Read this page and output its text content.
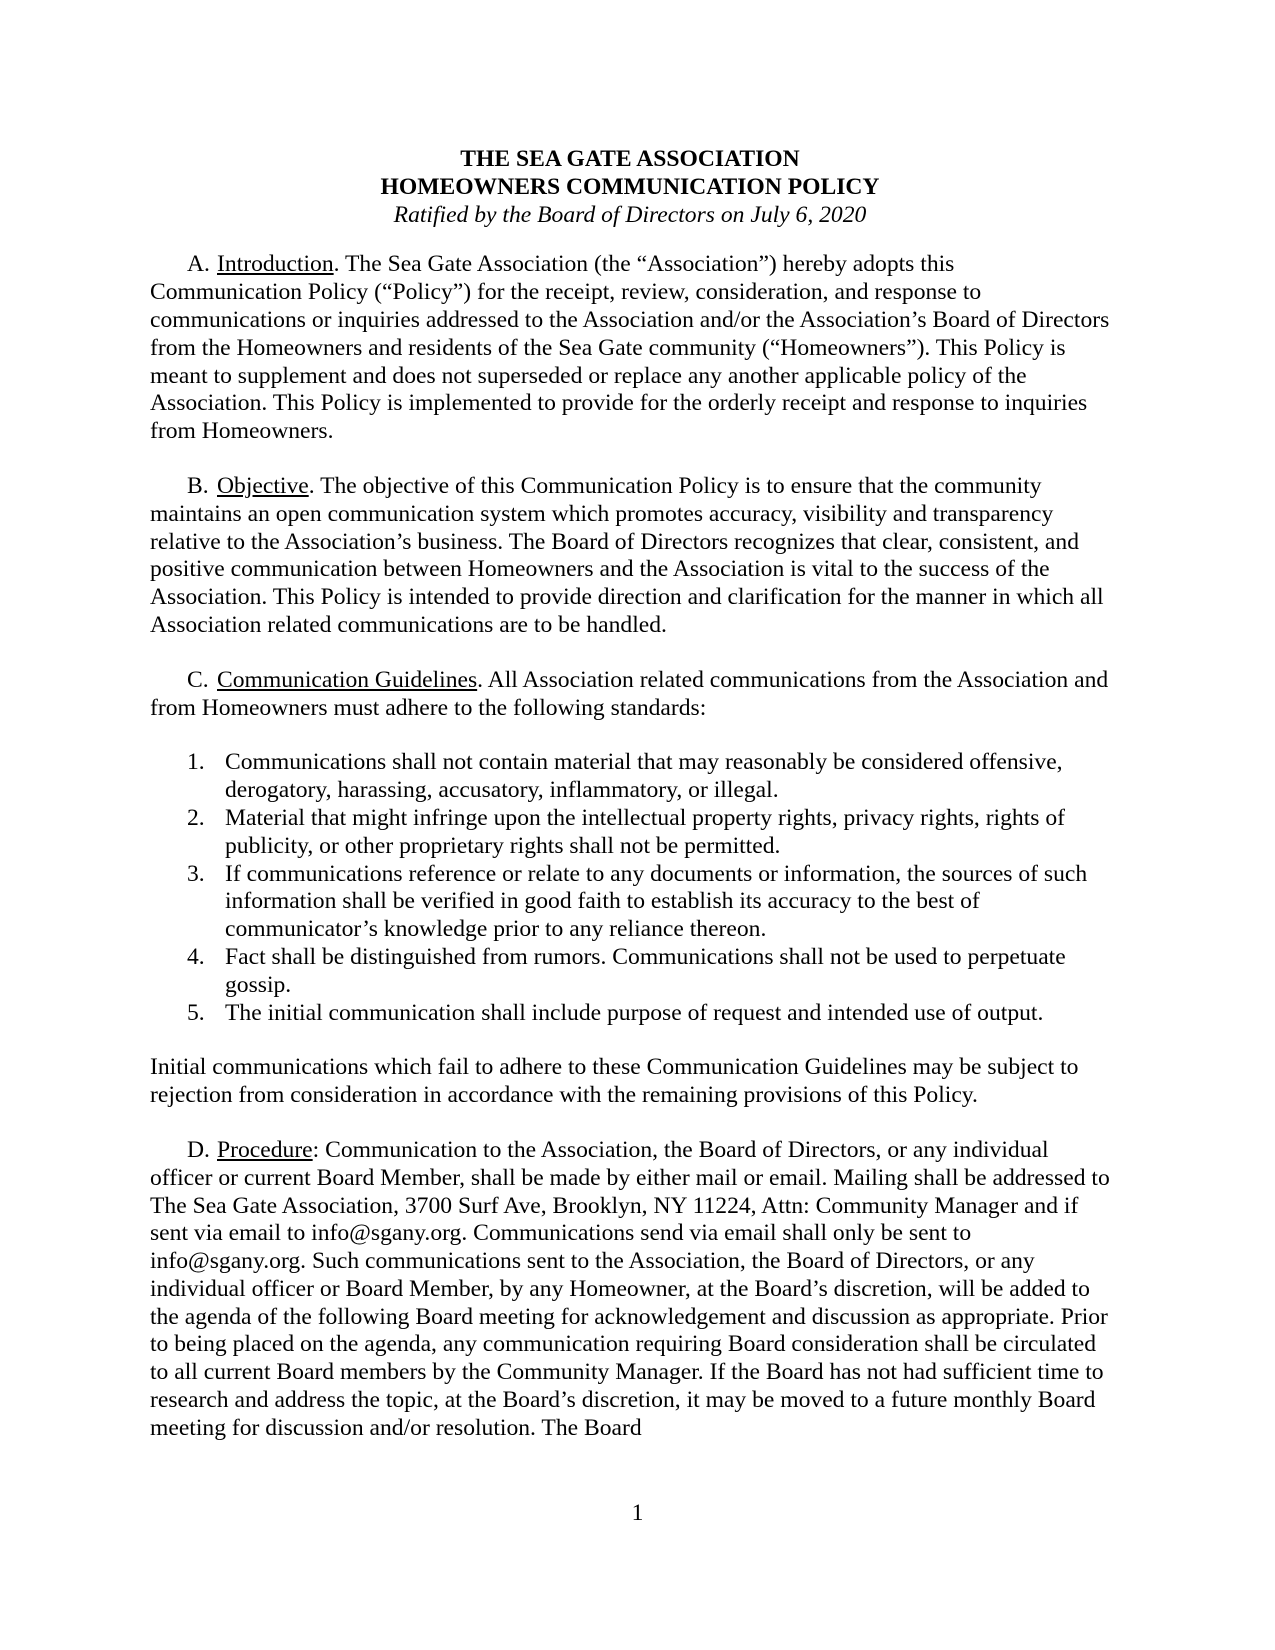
THE SEA GATE ASSOCIATION

HOMEOWNERS COMMUNICATION POLICY

Ratified by the Board of Directors on July 6, 2020

A. Introduction. The Sea Gate Association (the “Association”) hereby adopts this Communication Policy (“Policy”) for the receipt, review, consideration, and response to communications or inquiries addressed to the Association and/or the Association’s Board of Directors from the Homeowners and residents of the Sea Gate community (“Homeowners”). This Policy is meant to supplement and does not superseded or replace any another applicable policy of the Association. This Policy is implemented to provide for the orderly receipt and response to inquiries from Homeowners.

B. Objective. The objective of this Communication Policy is to ensure that the community maintains an open communication system which promotes accuracy, visibility and transparency relative to the Association’s business. The Board of Directors recognizes that clear, consistent, and positive communication between Homeowners and the Association is vital to the success of the Association. This Policy is intended to provide direction and clarification for the manner in which all Association related communications are to be handled.

C. Communication Guidelines. All Association related communications from the Association and from Homeowners must adhere to the following standards:

1. Communications shall not contain material that may reasonably be considered offensive, derogatory, harassing, accusatory, inflammatory, or illegal.
2. Material that might infringe upon the intellectual property rights, privacy rights, rights of publicity, or other proprietary rights shall not be permitted.
3. If communications reference or relate to any documents or information, the sources of such information shall be verified in good faith to establish its accuracy to the best of communicator’s knowledge prior to any reliance thereon.
4. Fact shall be distinguished from rumors. Communications shall not be used to perpetuate gossip.
5. The initial communication shall include purpose of request and intended use of output.

Initial communications which fail to adhere to these Communication Guidelines may be subject to rejection from consideration in accordance with the remaining provisions of this Policy.

D. Procedure: Communication to the Association, the Board of Directors, or any individual officer or current Board Member, shall be made by either mail or email. Mailing shall be addressed to The Sea Gate Association, 3700 Surf Ave, Brooklyn, NY 11224, Attn: Community Manager and if sent via email to info@sgany.org. Communications send via email shall only be sent to info@sgany.org. Such communications sent to the Association, the Board of Directors, or any individual officer or Board Member, by any Homeowner, at the Board’s discretion, will be added to the agenda of the following Board meeting for acknowledgement and discussion as appropriate. Prior to being placed on the agenda, any communication requiring Board consideration shall be circulated to all current Board members by the Community Manager. If the Board has not had sufficient time to research and address the topic, at the Board’s discretion, it may be moved to a future monthly Board meeting for discussion and/or resolution. The Board

1
